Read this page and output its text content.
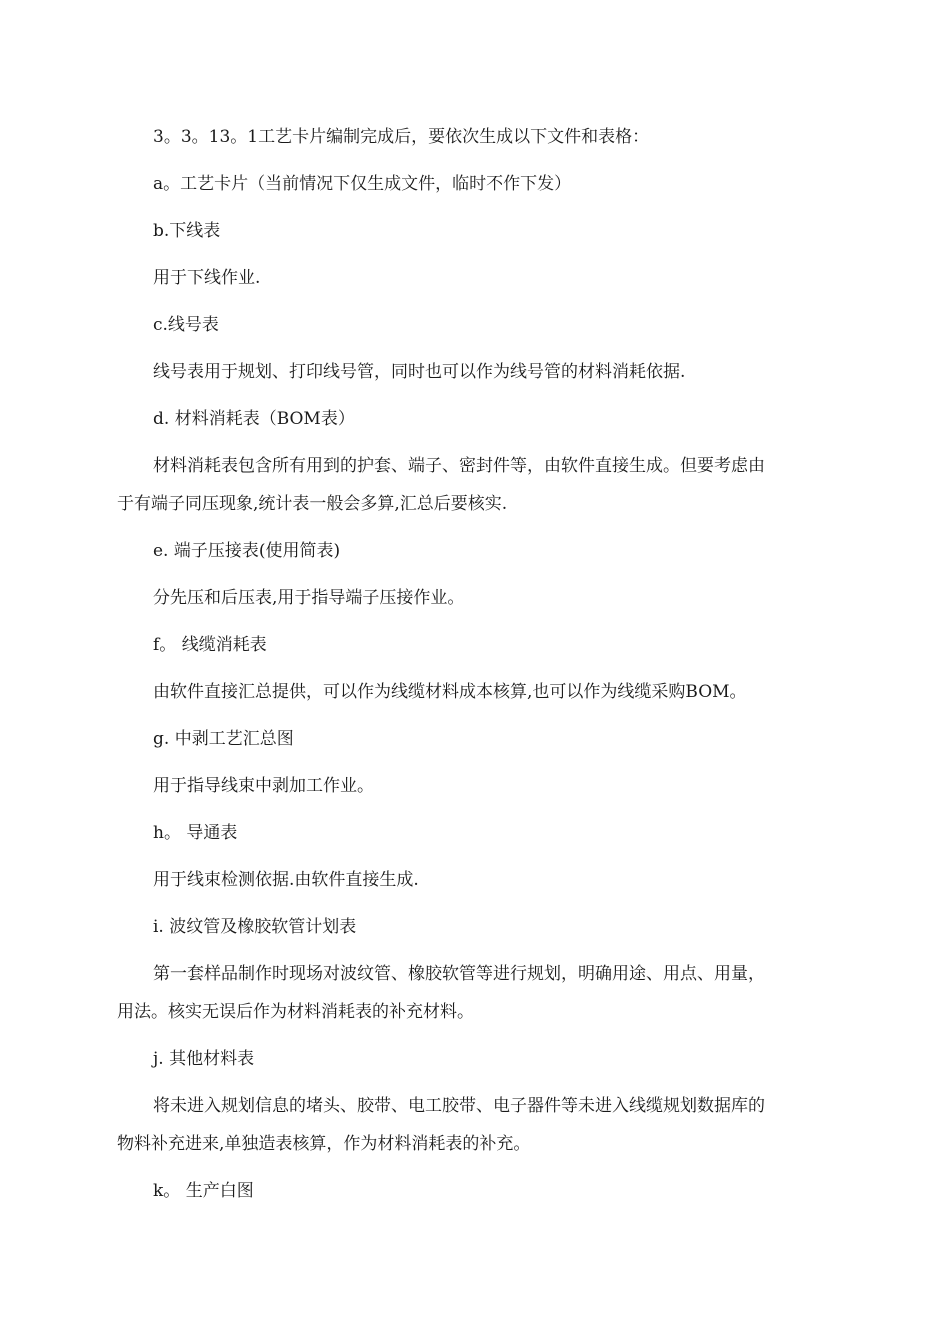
3。3。13。1工艺卡片编制完成后，要依次生成以下文件和表格：

a。工艺卡片（当前情况下仅生成文件，临时不作下发）

b.下线表

用于下线作业.

c.线号表

线号表用于规划、打印线号管，同时也可以作为线号管的材料消耗依据.

d. 材料消耗表（BOM表）

材料消耗表包含所有用到的护套、端子、密封件等，由软件直接生成。但要考虑由

于有端子同压现象,统计表一般会多算,汇总后要核实.

e. 端子压接表(使用简表)

分先压和后压表,用于指导端子压接作业。

f。 线缆消耗表

由软件直接汇总提供，可以作为线缆材料成本核算,也可以作为线缆采购BOM。

g. 中剥工艺汇总图

用于指导线束中剥加工作业。

h。 导通表

用于线束检测依据.由软件直接生成.

i. 波纹管及橡胶软管计划表

第一套样品制作时现场对波纹管、橡胶软管等进行规划，明确用途、用点、用量，

用法。核实无误后作为材料消耗表的补充材料。

j. 其他材料表

将未进入规划信息的堵头、胶带、电工胶带、电子器件等未进入线缆规划数据库的

物料补充进来,单独造表核算，作为材料消耗表的补充。

k。 生产白图
